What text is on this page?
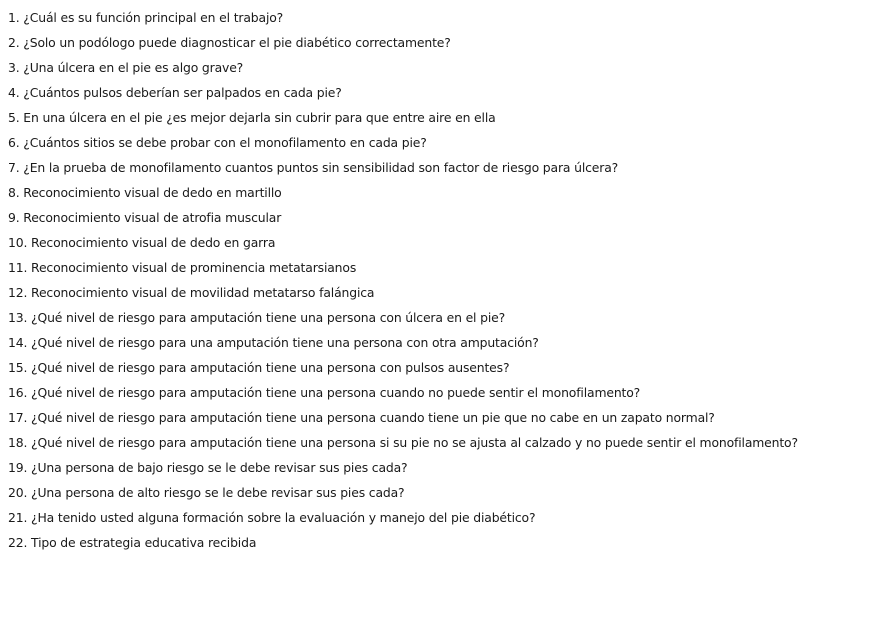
1. ¿Cuál es su función principal en el trabajo?
2. ¿Solo un podólogo puede diagnosticar el pie diabético correctamente?
3. ¿Una úlcera en el pie es algo grave?
4. ¿Cuántos pulsos deberían ser palpados en cada pie?
5. En una úlcera en el pie ¿es mejor dejarla sin cubrir para que entre aire en ella
6. ¿Cuántos sitios se debe probar con el monofilamento en cada pie?
7. ¿En la prueba de monofilamento cuantos puntos sin sensibilidad son factor de riesgo para úlcera?
8. Reconocimiento visual de dedo en martillo
9. Reconocimiento visual de atrofia muscular
10. Reconocimiento visual de dedo en garra
11. Reconocimiento visual de prominencia metatarsianos
12. Reconocimiento visual de movilidad metatarso falángica
13. ¿Qué nivel de riesgo para amputación tiene una persona con úlcera en el pie?
14. ¿Qué nivel de riesgo para una amputación tiene una persona con otra amputación?
15. ¿Qué nivel de riesgo para amputación tiene una persona con pulsos ausentes?
16. ¿Qué nivel de riesgo para amputación tiene una persona cuando no puede sentir el monofilamento?
17. ¿Qué nivel de riesgo para amputación tiene una persona cuando tiene un pie que no cabe en un zapato normal?
18. ¿Qué nivel de riesgo para amputación tiene una persona si su pie no se ajusta al calzado y no puede sentir el monofilamento?
19. ¿Una persona de bajo riesgo se le debe revisar sus pies cada?
20. ¿Una persona de alto riesgo se le debe revisar sus pies cada?
21. ¿Ha tenido usted alguna formación sobre la evaluación y manejo del pie diabético?
22. Tipo de estrategia educativa recibida
